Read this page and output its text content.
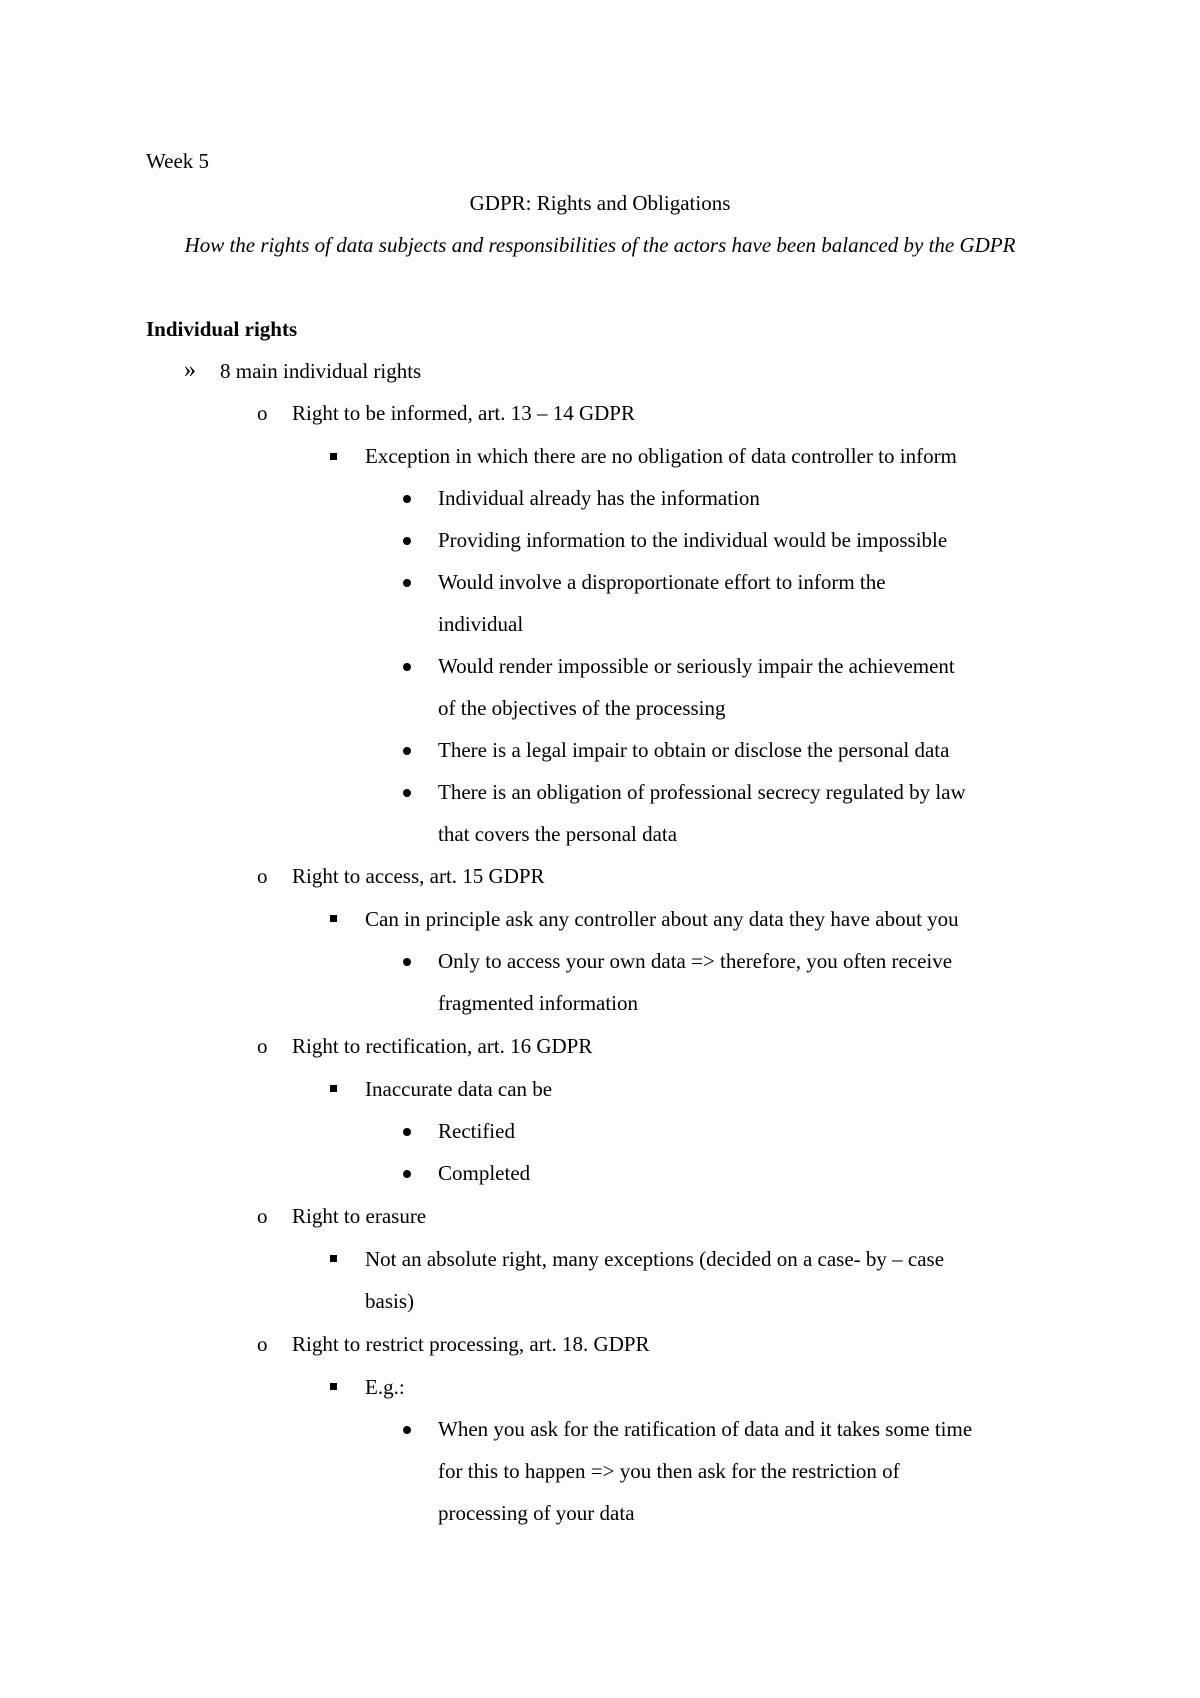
Week 5
GDPR: Rights and Obligations
How the rights of data subjects and responsibilities of the actors have been balanced by the GDPR
Individual rights
» 8 main individual rights
o Right to be informed, art. 13 – 14 GDPR
Exception in which there are no obligation of data controller to inform
Individual already has the information
Providing information to the individual would be impossible
Would involve a disproportionate effort to inform the
individual
Would render impossible or seriously impair the achievement
of the objectives of the processing
There is a legal impair to obtain or disclose the personal data
There is an obligation of professional secrecy regulated by law
that covers the personal data
o Right to access, art. 15 GDPR
Can in principle ask any controller about any data they have about you
Only to access your own data => therefore, you often receive
fragmented information
o Right to rectification, art. 16 GDPR
Inaccurate data can be
Rectified
Completed
o Right to erasure
Not an absolute right, many exceptions (decided on a case- by – case
basis)
o Right to restrict processing, art. 18. GDPR
E.g.:
When you ask for the ratification of data and it takes some time
for this to happen => you then ask for the restriction of
processing of your data
